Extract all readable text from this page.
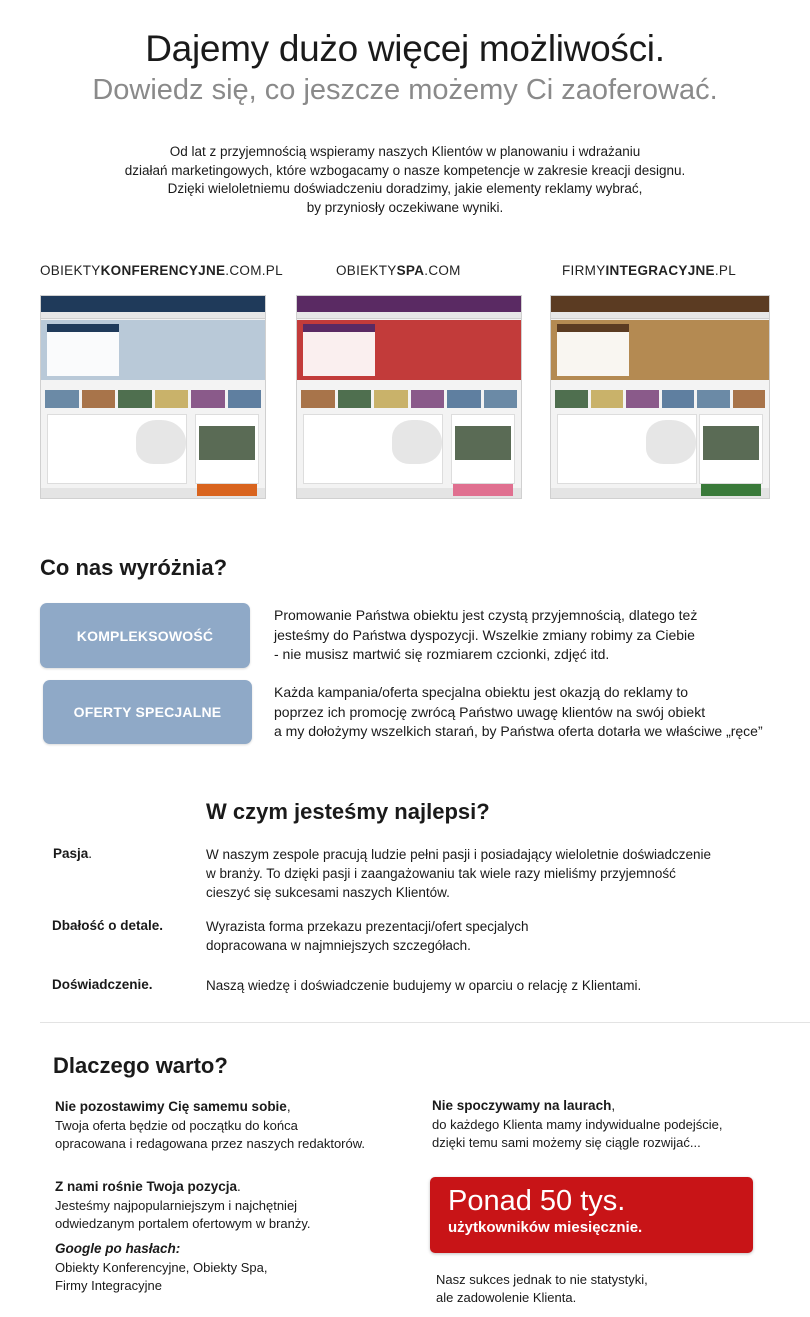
Dajemy dużo więcej możliwości.
Dowiedz się, co jeszcze możemy Ci zaoferować.
Od lat z przyjemnością wspieramy naszych Klientów w planowaniu i wdrażaniu
działań marketingowych, które wzbogacamy o nasze kompetencje w zakresie kreacji designu.
Dzięki wieloletniemu doświadczeniu doradzimy, jakie elementy reklamy wybrać,
by przyniosły oczekiwane wyniki.
OBIEKTYKONFERENCYJNE.COM.PL	OBIEKTYSPA.COM	FIRMYINTEGRACYJNE.PL
Co nas wyróżnia?
KOMPLEKSOWOŚĆ
Promowanie Państwa obiektu jest czystą przyjemnością, dlatego też
jesteśmy do Państwa dyspozycji. Wszelkie zmiany robimy za Ciebie
- nie musisz martwić się rozmiarem czcionki, zdjęć itd.
OFERTY SPECJALNE
Każda kampania/oferta specjalna obiektu jest okazją do reklamy to
poprzez ich promocję zwrócą Państwo uwagę klientów na swój obiekt
a my dołożymy wszelkich starań, by Państwa oferta dotarła we właściwe „ręce”
W czym jesteśmy najlepsi?
Pasja.	W naszym zespole pracują ludzie pełni pasji i posiadający wieloletnie doświadczenie
w branży. To dzięki pasji i zaangażowaniu tak wiele razy mieliśmy przyjemność
cieszyć się sukcesami naszych Klientów.
Dbałość o detale.	Wyrazista forma przekazu prezentacji/ofert specjalych
dopracowana w najmniejszych szczegółach.
Doświadczenie.	Naszą wiedzę i doświadczenie budujemy w oparciu o relację z Klientami.
Dlaczego warto?
Nie pozostawimy Cię samemu sobie,
Twoja oferta będzie od początku do końca
opracowana i redagowana przez naszych redaktorów.
Z nami rośnie Twoja pozycja.
Jesteśmy najpopularniejszym i najchętniej
odwiedzanym portalem ofertowym w branży.
Google po hasłach:
Obiekty Konferencyjne, Obiekty Spa,
Firmy Integracyjne
Nie spoczywamy na laurach,
do każdego Klienta mamy indywidualne podejście,
dzięki temu sami możemy się ciągle rozwijać...
Ponad 50 tys.
użytkowników miesięcznie.
Nasz sukces jednak to nie statystyki,
ale zadowolenie Klienta.
